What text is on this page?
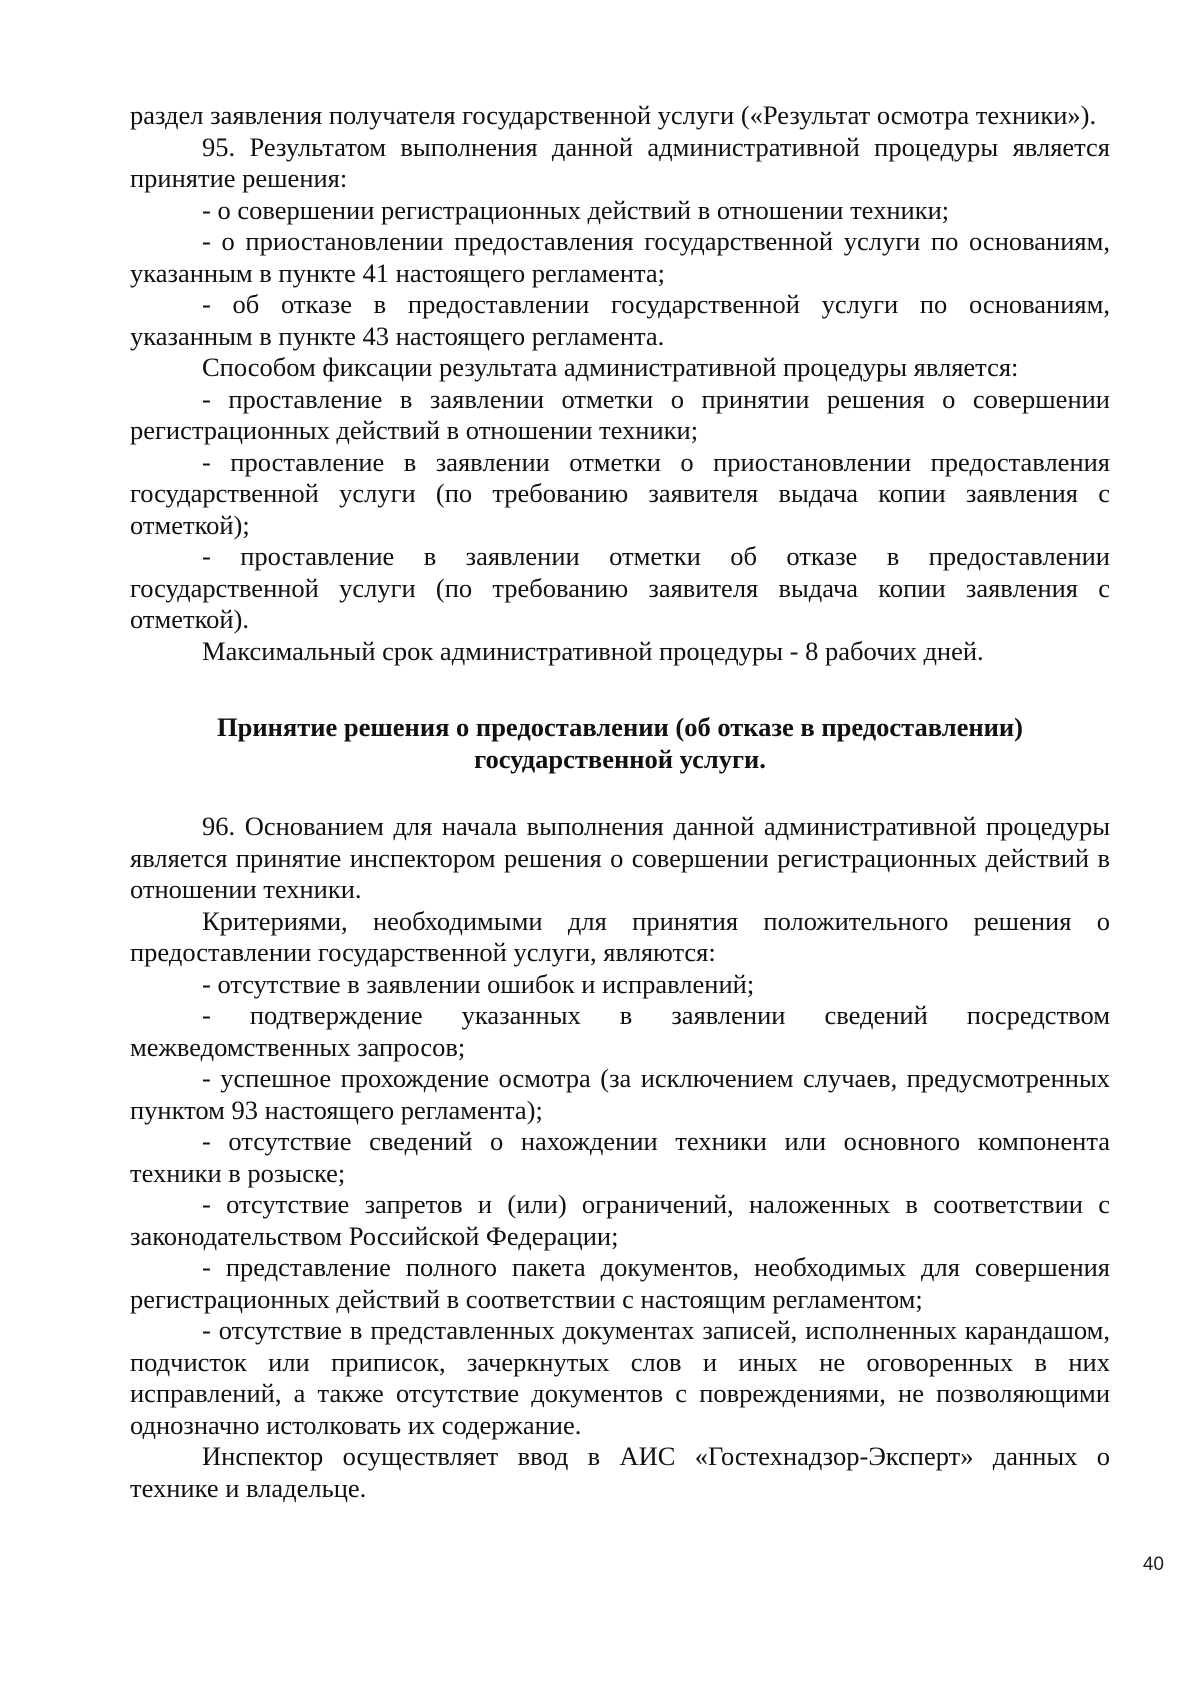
раздел заявления получателя государственной услуги («Результат осмотра техники»).

95. Результатом выполнения данной административной процедуры является принятие решения:

- о совершении регистрационных действий в отношении техники;

- о приостановлении предоставления государственной услуги по основаниям, указанным в пункте 41 настоящего регламента;

- об отказе в предоставлении государственной услуги по основаниям, указанным в пункте 43 настоящего регламента.

Способом фиксации результата административной процедуры является:

- проставление в заявлении отметки о принятии решения о совершении регистрационных действий в отношении техники;

- проставление в заявлении отметки о приостановлении предоставления государственной услуги (по требованию заявителя выдача копии заявления с отметкой);

- проставление в заявлении отметки об отказе в предоставлении государственной услуги (по требованию заявителя выдача копии заявления с отметкой).

Максимальный срок административной процедуры - 8 рабочих дней.

Принятие решения о предоставлении (об отказе в предоставлении)
государственной услуги.

96. Основанием для начала выполнения данной административной процедуры является принятие инспектором решения о совершении регистрационных действий в отношении техники.

Критериями, необходимыми для принятия положительного решения о предоставлении государственной услуги, являются:

- отсутствие в заявлении ошибок и исправлений;

- подтверждение указанных в заявлении сведений посредством межведомственных запросов;

- успешное прохождение осмотра (за исключением случаев, предусмотренных пунктом 93 настоящего регламента);

- отсутствие сведений о нахождении техники или основного компонента техники в розыске;

- отсутствие запретов и (или) ограничений, наложенных в соответствии с законодательством Российской Федерации;

- представление полного пакета документов, необходимых для совершения регистрационных действий в соответствии с настоящим регламентом;

- отсутствие в представленных документах записей, исполненных карандашом, подчисток или приписок, зачеркнутых слов и иных не оговоренных в них исправлений, а также отсутствие документов с повреждениями, не позволяющими однозначно истолковать их содержание.

Инспектор осуществляет ввод в АИС «Гостехнадзор-Эксперт» данных о технике и владельце.

40
